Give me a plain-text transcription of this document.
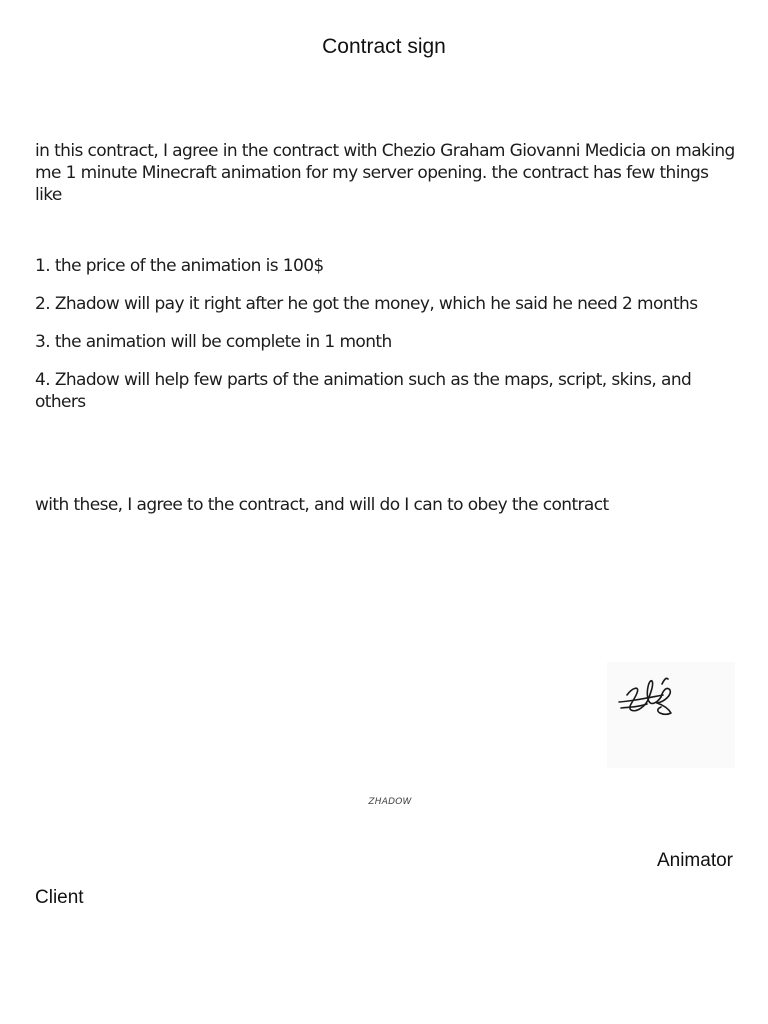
Contract sign
in this contract, I agree in the contract with Chezio Graham Giovanni Medicia on making me 1 minute Minecraft animation for my server opening. the contract has few things like
1. the price of the animation is 100$
2. Zhadow will pay it right after he got the money, which he said he need 2 months
3. the animation will be complete in 1 month
4. Zhadow will help few parts of the animation such as the maps, script, skins, and others
with these, I agree to the contract, and will do I can to obey the contract
ZHADOW
Animator
Client
